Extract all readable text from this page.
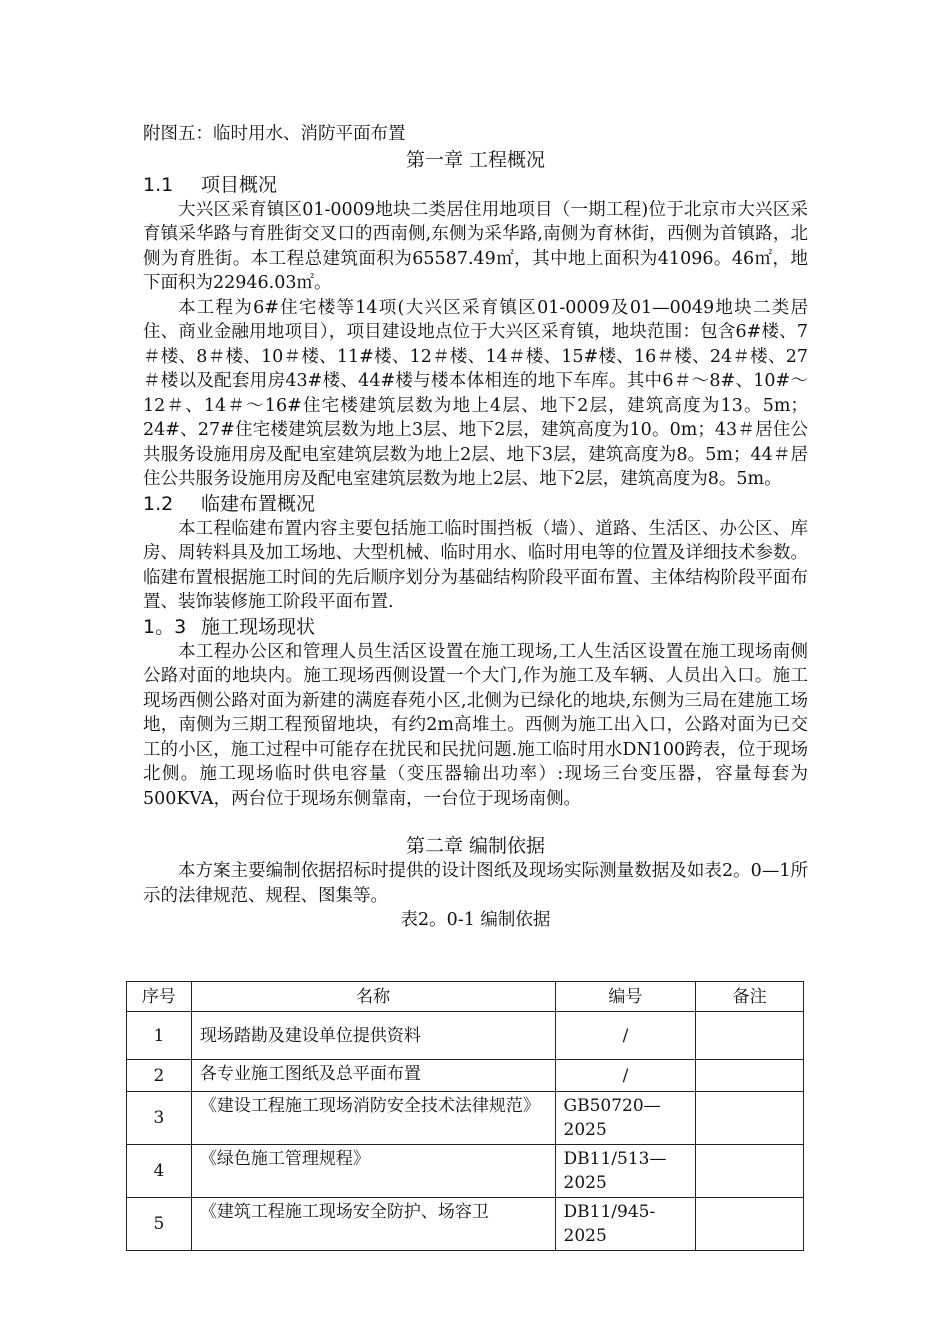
附图五：临时用水、消防平面布置
第一章 工程概况
1.1 项目概况

大兴区采育镇区01-0009地块二类居住用地项目（一期工程)位于北京市大兴区采育镇采华路与育胜街交叉口的西南侧,东侧为采华路,南侧为育林街，西侧为首镇路，北侧为育胜街。本工程总建筑面积为65587.49㎡，其中地上面积为41096。46㎡，地下面积为22946.03㎡。

本工程为6#住宅楼等14项(大兴区采育镇区01-0009及01—0049地块二类居住、商业金融用地项目），项目建设地点位于大兴区采育镇，地块范围：包含6#楼、7＃楼、8＃楼、10＃楼、11#楼、12＃楼、14＃楼、15#楼、16＃楼、24＃楼、27＃楼以及配套用房43#楼、44#楼与楼本体相连的地下车库。其中6＃～8#、10#～12＃、14＃～16#住宅楼建筑层数为地上4层、地下2层，建筑高度为13。5m；24#、27#住宅楼建筑层数为地上3层、地下2层，建筑高度为10。0m；43＃居住公共服务设施用房及配电室建筑层数为地上2层、地下3层，建筑高度为8。5m；44＃居住公共服务设施用房及配电室建筑层数为地上2层、地下2层，建筑高度为8。5m。

1.2 临建布置概况

本工程临建布置内容主要包括施工临时围挡板（墙）、道路、生活区、办公区、库房、周转料具及加工场地、大型机械、临时用水、临时用电等的位置及详细技术参数。临建布置根据施工时间的先后顺序划分为基础结构阶段平面布置、主体结构阶段平面布置、装饰装修施工阶段平面布置.

1。3 施工现场现状

本工程办公区和管理人员生活区设置在施工现场,工人生活区设置在施工现场南侧公路对面的地块内。施工现场西侧设置一个大门,作为施工及车辆、人员出入口。施工现场西侧公路对面为新建的满庭春苑小区,北侧为已绿化的地块,东侧为三局在建施工场地，南侧为三期工程预留地块，有约2m高堆土。西侧为施工出入口，公路对面为已交工的小区，施工过程中可能存在扰民和民扰问题.施工临时用水DN100跨表，位于现场北侧。施工现场临时供电容量（变压器输出功率）:现场三台变压器，容量每套为500KVA，两台位于现场东侧靠南，一台位于现场南侧。

第二章 编制依据

本方案主要编制依据招标时提供的设计图纸及现场实际测量数据及如表2。0—1所示的法律规范、规程、图集等。

表2。0-1 编制依据
序号	名称	编号	备注
1	现场踏勘及建设单位提供资料	/	
2	各专业施工图纸及总平面布置	/	
3	《建设工程施工现场消防安全技术法律规范》	GB50720—2025	
4	《绿色施工管理规程》	DB11/513—2025	
5	《建筑工程施工现场安全防护、场容卫	DB11/945-2025	
